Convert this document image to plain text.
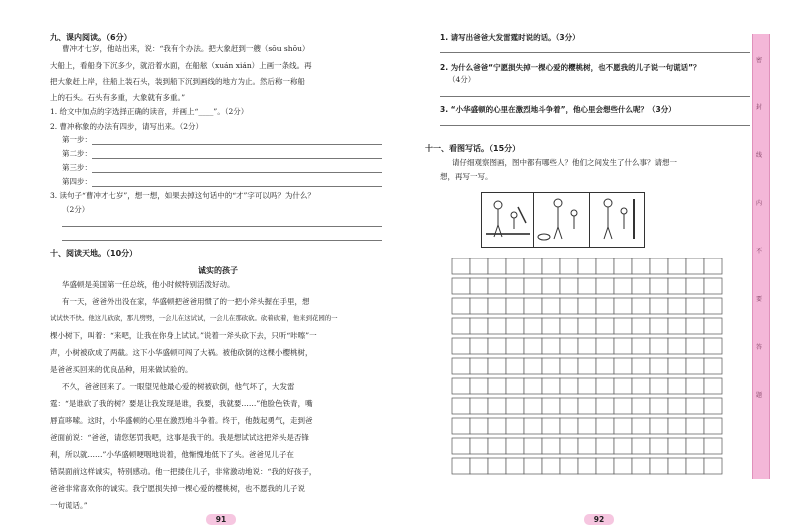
九、课内阅读。（6分）
曹冲才七岁，他站出来，说：“我有个办法。把大象赶到一艘（sōu shōu）
大船上，看船身下沉多少，就沿着水面，在船舷（xuán xián）上画一条线。再
把大象赶上岸，往船上装石头，装到船下沉到画线的地方为止。然后称一称船
上的石头。石头有多重，大象就有多重。”
1. 给文中加点的字选择正确的读音，并画上“____”。（2分）
2. 曹冲称象的办法有四步，请写出来。（2分）
第一步：
第二步：
第三步：
第四步：
3. 读句子“曹冲才七岁”，想一想，如果去掉这句话中的“才”字可以吗？为什么？
（2分）
十、阅读天地。（10分）
诚实的孩子
华盛顿是美国第一任总统，他小时候特别活泼好动。
有一天，爸爸外出没在家，华盛顿把爸爸用惯了的一把小斧头握在手里，想
试试快不快。他这儿砍砍，那儿劈劈，一会儿在这试试，一会儿在那砍砍。砍着砍着，他来到花园的一
棵小树下，叫着：“来吧，让我在你身上试试。”说着一斧头砍下去，只听“咔嚓”一
声，小树被砍成了两截。这下小华盛顿可闯了大祸。被他砍倒的这棵小樱桃树，
是爸爸买回来的优良品种，用来做试验的。
不久，爸爸回来了。一眼望见他最心爱的树被砍倒，他气坏了，大发雷
霆：“是谁砍了我的树？要是让我发现是谁，我要，我就要……”他脸色铁青，嘴
唇直哆嗦。这时，小华盛顿的心里在激烈地斗争着。终于，他鼓起勇气，走到爸
爸面前说：“爸爸，请您惩罚我吧，这事是我干的。我是想试试这把斧头是否锋
利，所以就……”小华盛顿哽咽地说着，他惭愧地低下了头。爸爸见儿子在
错误面前这样诚实，特别感动。他一把搂住儿子，非常激动地说：“我的好孩子，
爸爸非常喜欢你的诚实。我宁愿损失掉一棵心爱的樱桃树，也不愿我的儿子说
一句谎话。”
91
1. 请写出爸爸大发雷霆时说的话。（3分）
2. 为什么爸爸“宁愿损失掉一棵心爱的樱桃树，也不愿我的儿子说一句谎话”？
（4分）
3. “小华盛顿的心里在激烈地斗争着”，他心里会想些什么呢？（3分）
十一、看图写话。（15分）
请仔细观察图画，图中都有哪些人？他们之间发生了什么事？请想一
想，再写一写。
92
密
封
线
内
不
要
答
题
